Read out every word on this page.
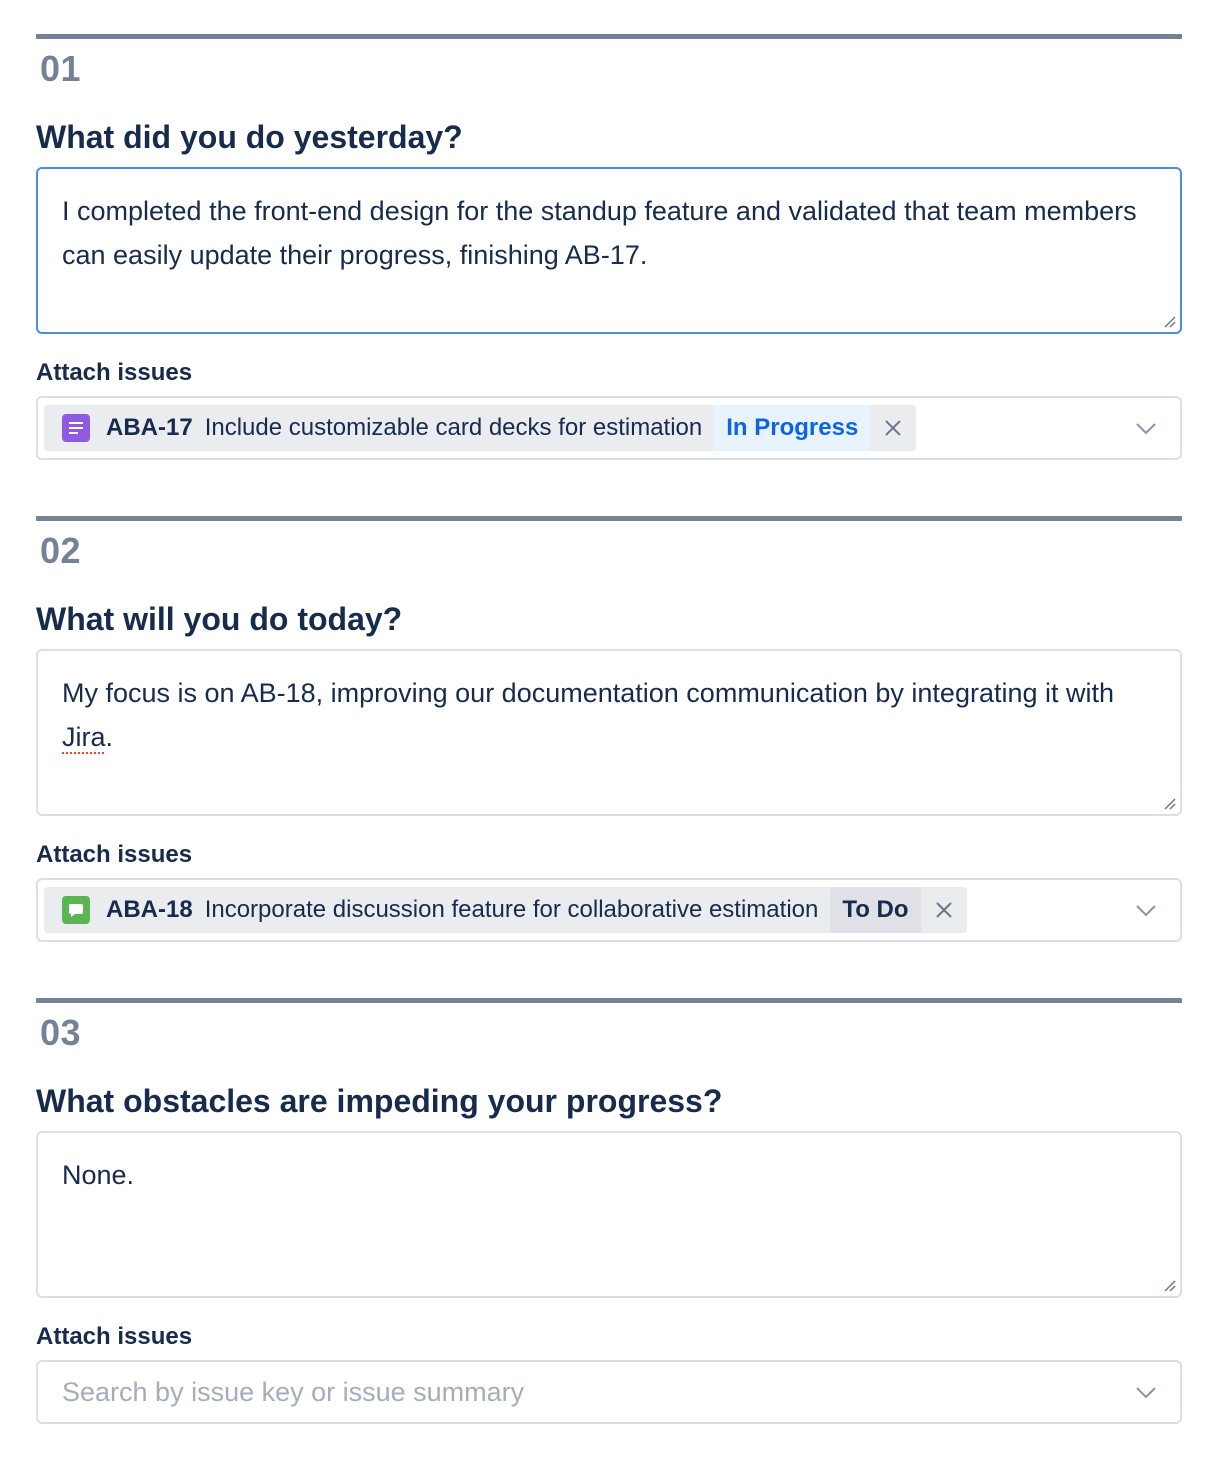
01
What did you do yesterday?
I completed the front-end design for the standup feature and validated that team members can easily update their progress, finishing AB-17.
Attach issues
ABA-17 Include customizable card decks for estimation	In Progress
02
What will you do today?
My focus is on AB-18, improving our documentation communication by integrating it with Jira.
Attach issues
ABA-18 Incorporate discussion feature for collaborative estimation	To Do
03
What obstacles are impeding your progress?
None.
Attach issues
Search by issue key or issue summary
